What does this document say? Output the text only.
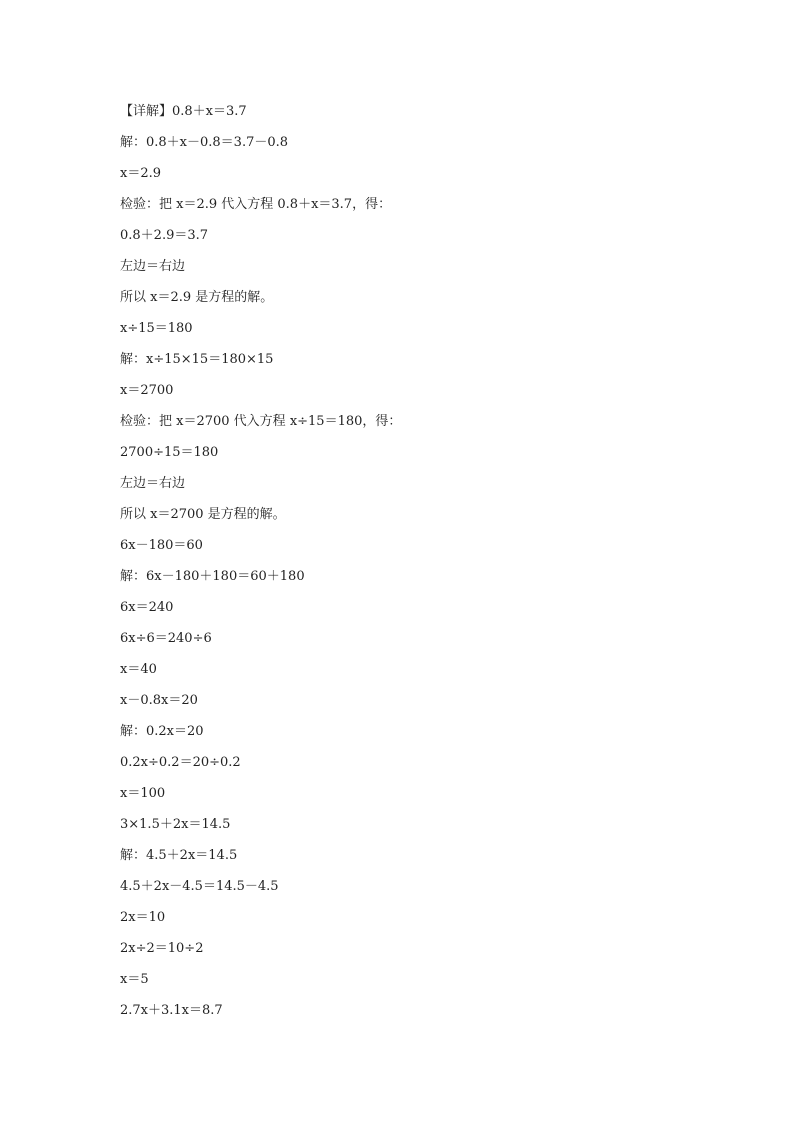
【详解】0.8＋x＝3.7
解：0.8＋x－0.8＝3.7－0.8
x＝2.9
检验：把 x＝2.9 代入方程 0.8＋x＝3.7，得：
0.8＋2.9＝3.7
左边＝右边
所以 x＝2.9 是方程的解。
x÷15＝180
解：x÷15×15＝180×15
x＝2700
检验：把 x＝2700 代入方程 x÷15＝180，得：
2700÷15＝180
左边＝右边
所以 x＝2700 是方程的解。
6x－180＝60
解：6x－180＋180＝60＋180
6x＝240
6x÷6＝240÷6
x＝40
x－0.8x＝20
解：0.2x＝20
0.2x÷0.2＝20÷0.2
x＝100
3×1.5＋2x＝14.5
解：4.5＋2x＝14.5
4.5＋2x－4.5＝14.5－4.5
2x＝10
2x÷2＝10÷2
x＝5
2.7x＋3.1x＝8.7
